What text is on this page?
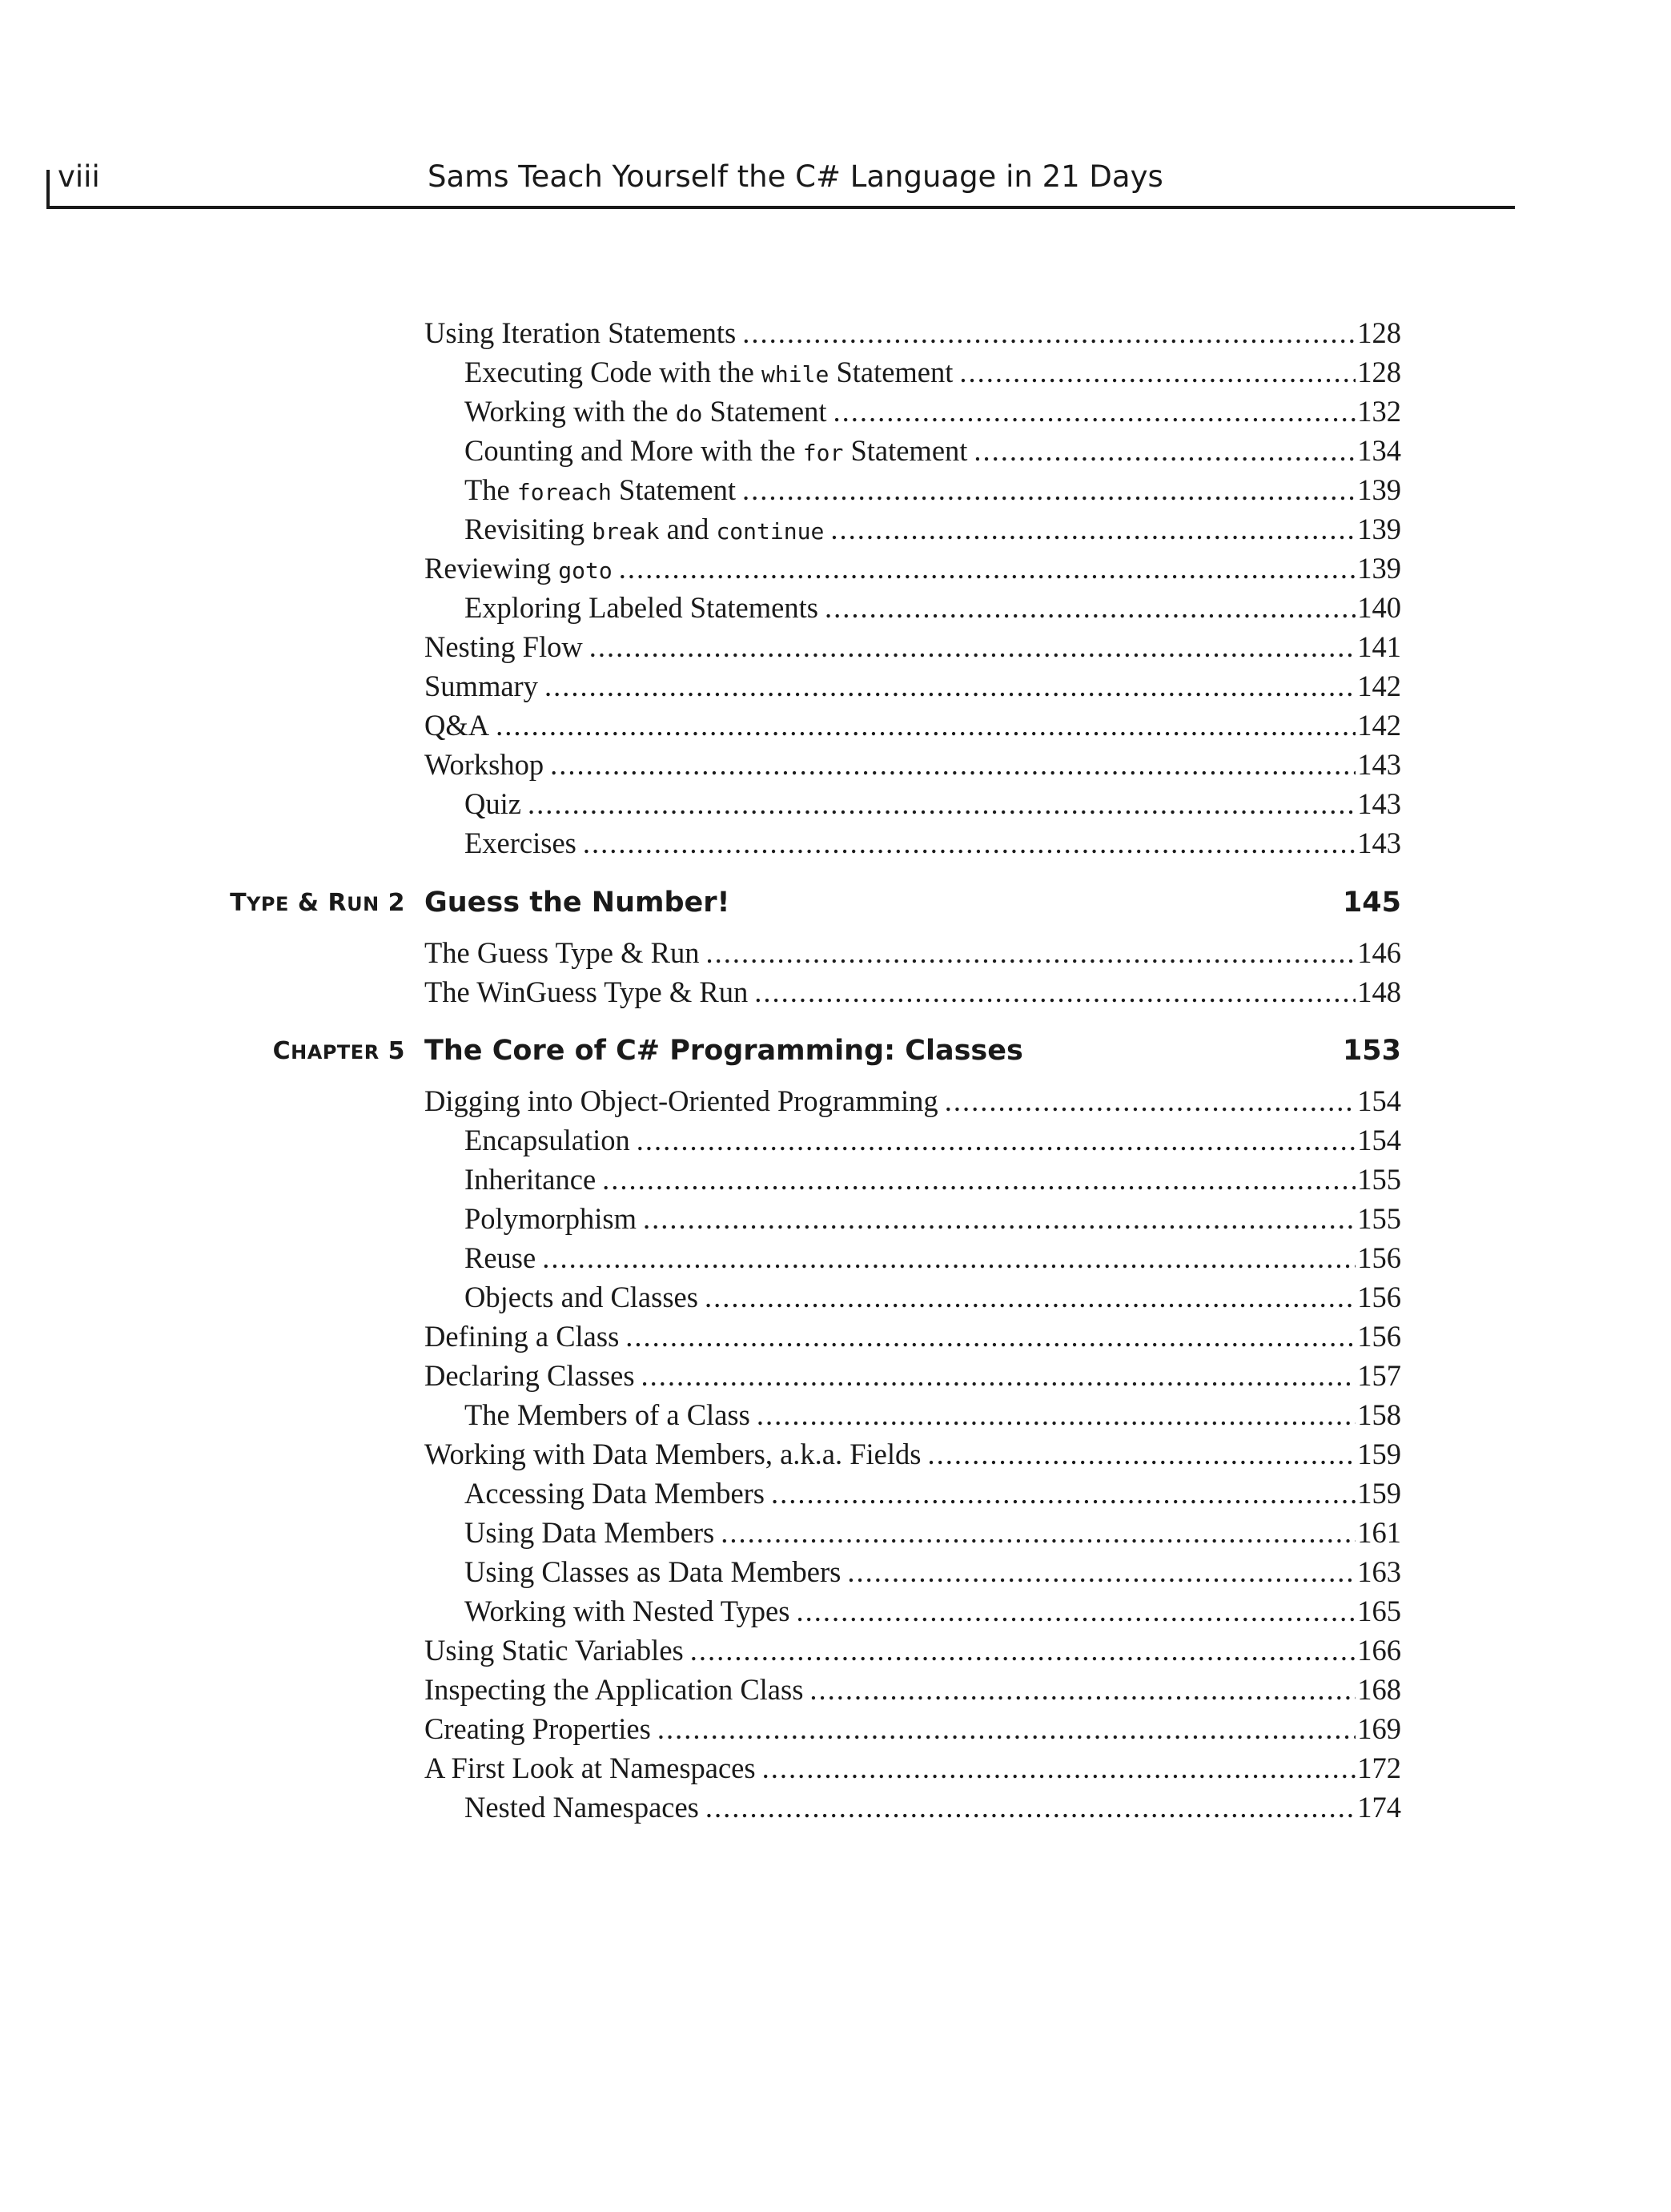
viii	Sams Teach Yourself the C# Language in 21 Days
Using Iteration Statements .....	128
Executing Code with the while Statement .....	128
Working with the do Statement .....	132
Counting and More with the for Statement .....	134
The foreach Statement .....	139
Revisiting break and continue .....	139
Reviewing goto .....	139
Exploring Labeled Statements .....	140
Nesting Flow .....	141
Summary .....	142
Q&A .....	142
Workshop .....	143
Quiz .....	143
Exercises .....	143
TYPE & RUN 2 Guess the Number!	145
The Guess Type & Run .....	146
The WinGuess Type & Run .....	148
CHAPTER 5 The Core of C# Programming: Classes	153
Digging into Object-Oriented Programming .....	154
Encapsulation .....	154
Inheritance .....	155
Polymorphism .....	155
Reuse .....	156
Objects and Classes .....	156
Defining a Class .....	156
Declaring Classes .....	157
The Members of a Class .....	158
Working with Data Members, a.k.a. Fields .....	159
Accessing Data Members .....	159
Using Data Members .....	161
Using Classes as Data Members .....	163
Working with Nested Types .....	165
Using Static Variables .....	166
Inspecting the Application Class .....	168
Creating Properties .....	169
A First Look at Namespaces .....	172
Nested Namespaces .....	174
